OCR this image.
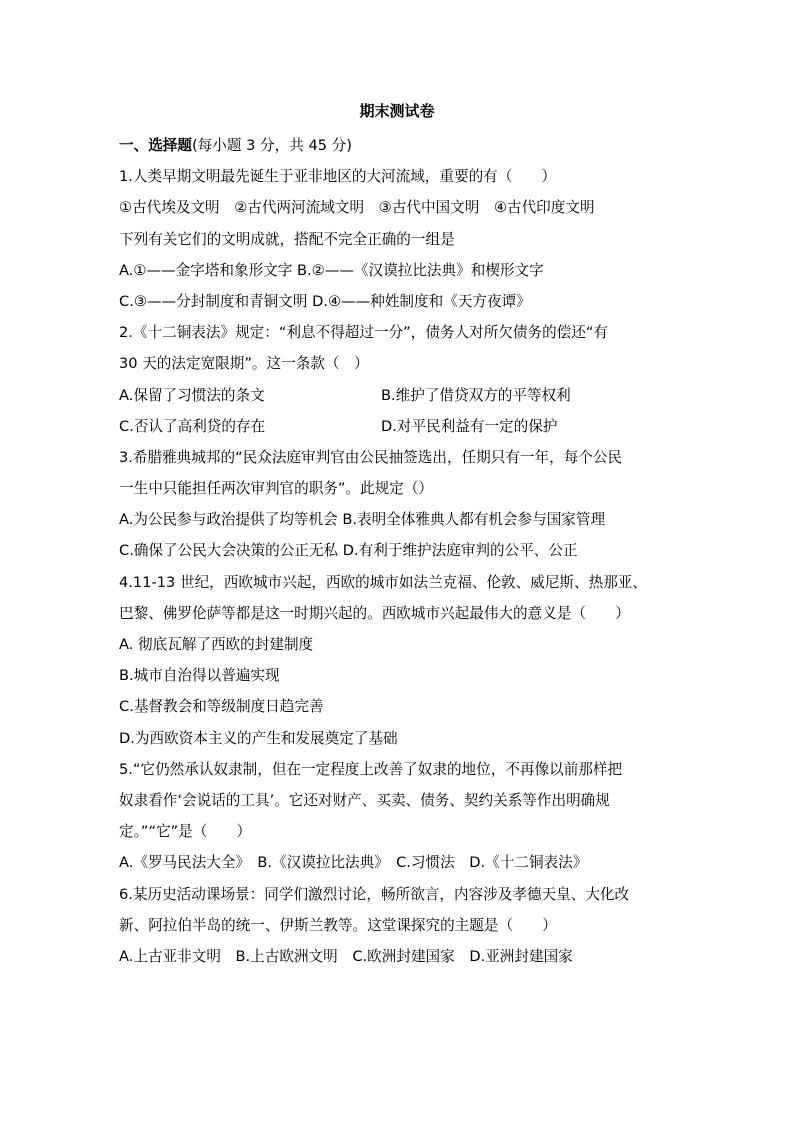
期末测试卷
一、选择题(每小题 3 分，共 45 分)
1.人类早期文明最先诞生于亚非地区的大河流域，重要的有（　　）
①古代埃及文明　②古代两河流域文明　③古代中国文明　④古代印度文明
下列有关它们的文明成就，搭配不完全正确的一组是
A.①——金字塔和象形文字 B.②——《汉谟拉比法典》和楔形文字
C.③——分封制度和青铜文明 D.④——种姓制度和《天方夜谭》
2.《十二铜表法》规定：“利息不得超过一分”，债务人对所欠债务的偿还“有
30 天的法定宽限期”。这一条款（　）
A.保留了习惯法的条文	B.维护了借贷双方的平等权利
C.否认了高利贷的存在	D.对平民利益有一定的保护
3.希腊雅典城邦的“民众法庭审判官由公民抽签选出，任期只有一年，每个公民
一生中只能担任两次审判官的职务”。此规定（）
A.为公民参与政治提供了均等机会 B.表明全体雅典人都有机会参与国家管理
C.确保了公民大会决策的公正无私 D.有利于维护法庭审判的公平、公正
4.11-13 世纪，西欧城市兴起，西欧的城市如法兰克福、伦敦、威尼斯、热那亚、
巴黎、佛罗伦萨等都是这一时期兴起的。西欧城市兴起最伟大的意义是（　　）
A. 彻底瓦解了西欧的封建制度
B.城市自治得以普遍实现
C.基督教会和等级制度日趋完善
D.为西欧资本主义的产生和发展奠定了基础
5.“它仍然承认奴隶制，但在一定程度上改善了奴隶的地位，不再像以前那样把
奴隶看作‘会说话的工具’。它还对财产、买卖、债务、契约关系等作出明确规
定。”“它”是（　　）
A.《罗马民法大全》　B.《汉谟拉比法典》　C.习惯法　D.《十二铜表法》
6.某历史活动课场景：同学们激烈讨论，畅所欲言，内容涉及孝德天皇、大化改
新、阿拉伯半岛的统一、伊斯兰教等。这堂课探究的主题是（　　）
A.上古亚非文明　B.上古欧洲文明　C.欧洲封建国家　D.亚洲封建国家
